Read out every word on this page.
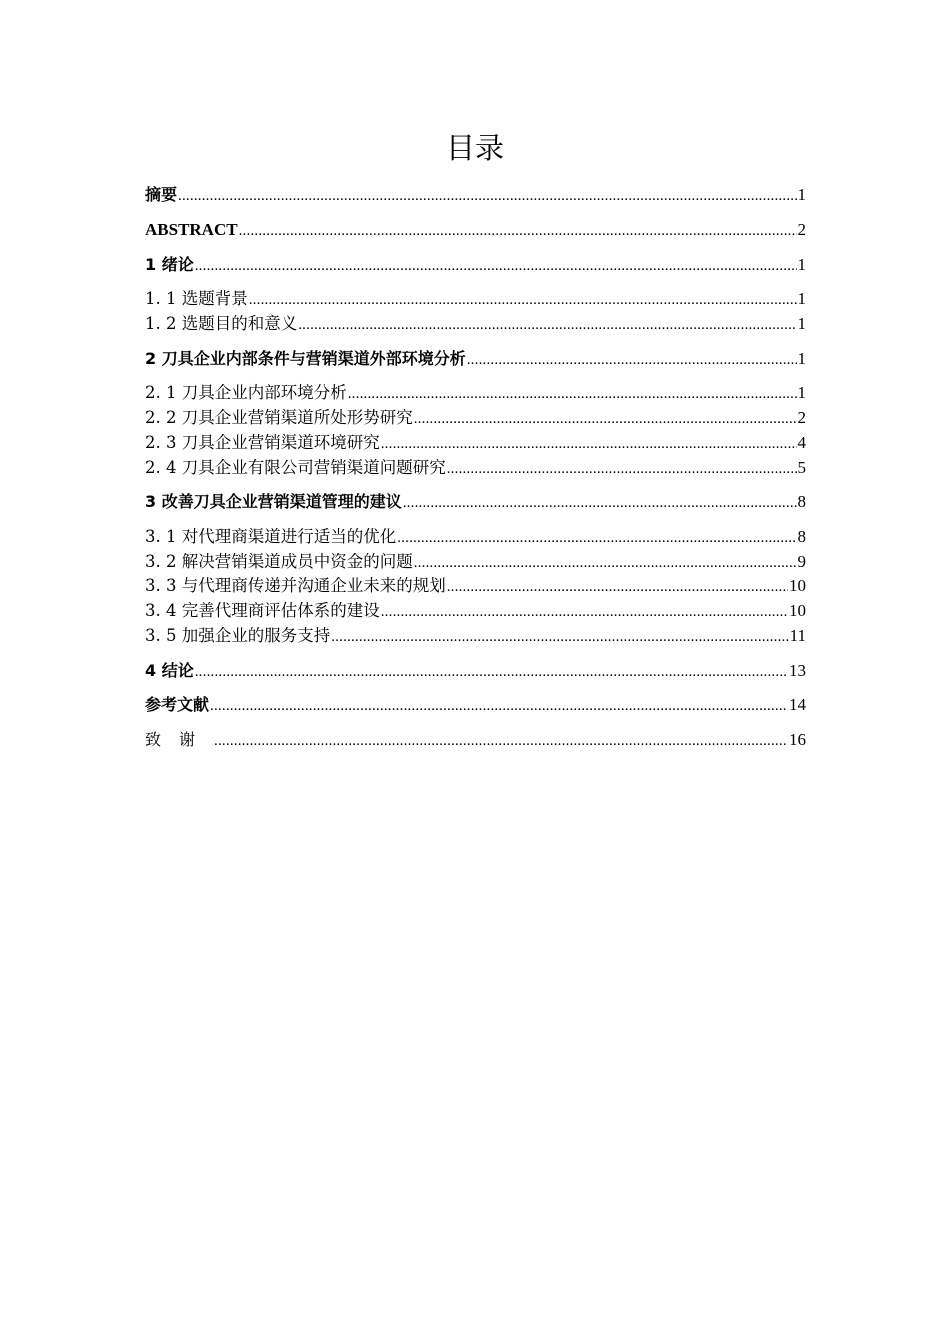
目录
摘要 .....	1
ABSTRACT .....	2
1 绪论 .....	1
1. 1 选题背景 .....	1
1. 2 选题目的和意义 .....	1
2 刀具企业内部条件与营销渠道外部环境分析 .....	1
2. 1 刀具企业内部环境分析 .....	1
2. 2 刀具企业营销渠道所处形势研究 .....	2
2. 3 刀具企业营销渠道环境研究 .....	4
2. 4 刀具企业有限公司营销渠道问题研究 .....	5
3 改善刀具企业营销渠道管理的建议 .....	8
3. 1 对代理商渠道进行适当的优化 .....	8
3. 2 解决营销渠道成员中资金的问题 .....	9
3. 3 与代理商传递并沟通企业未来的规划 .....	10
3. 4 完善代理商评估体系的建设 .....	10
3. 5 加强企业的服务支持 .....	11
4 结论 .....	13
参考文献 .....	14
致谢 .....	16
